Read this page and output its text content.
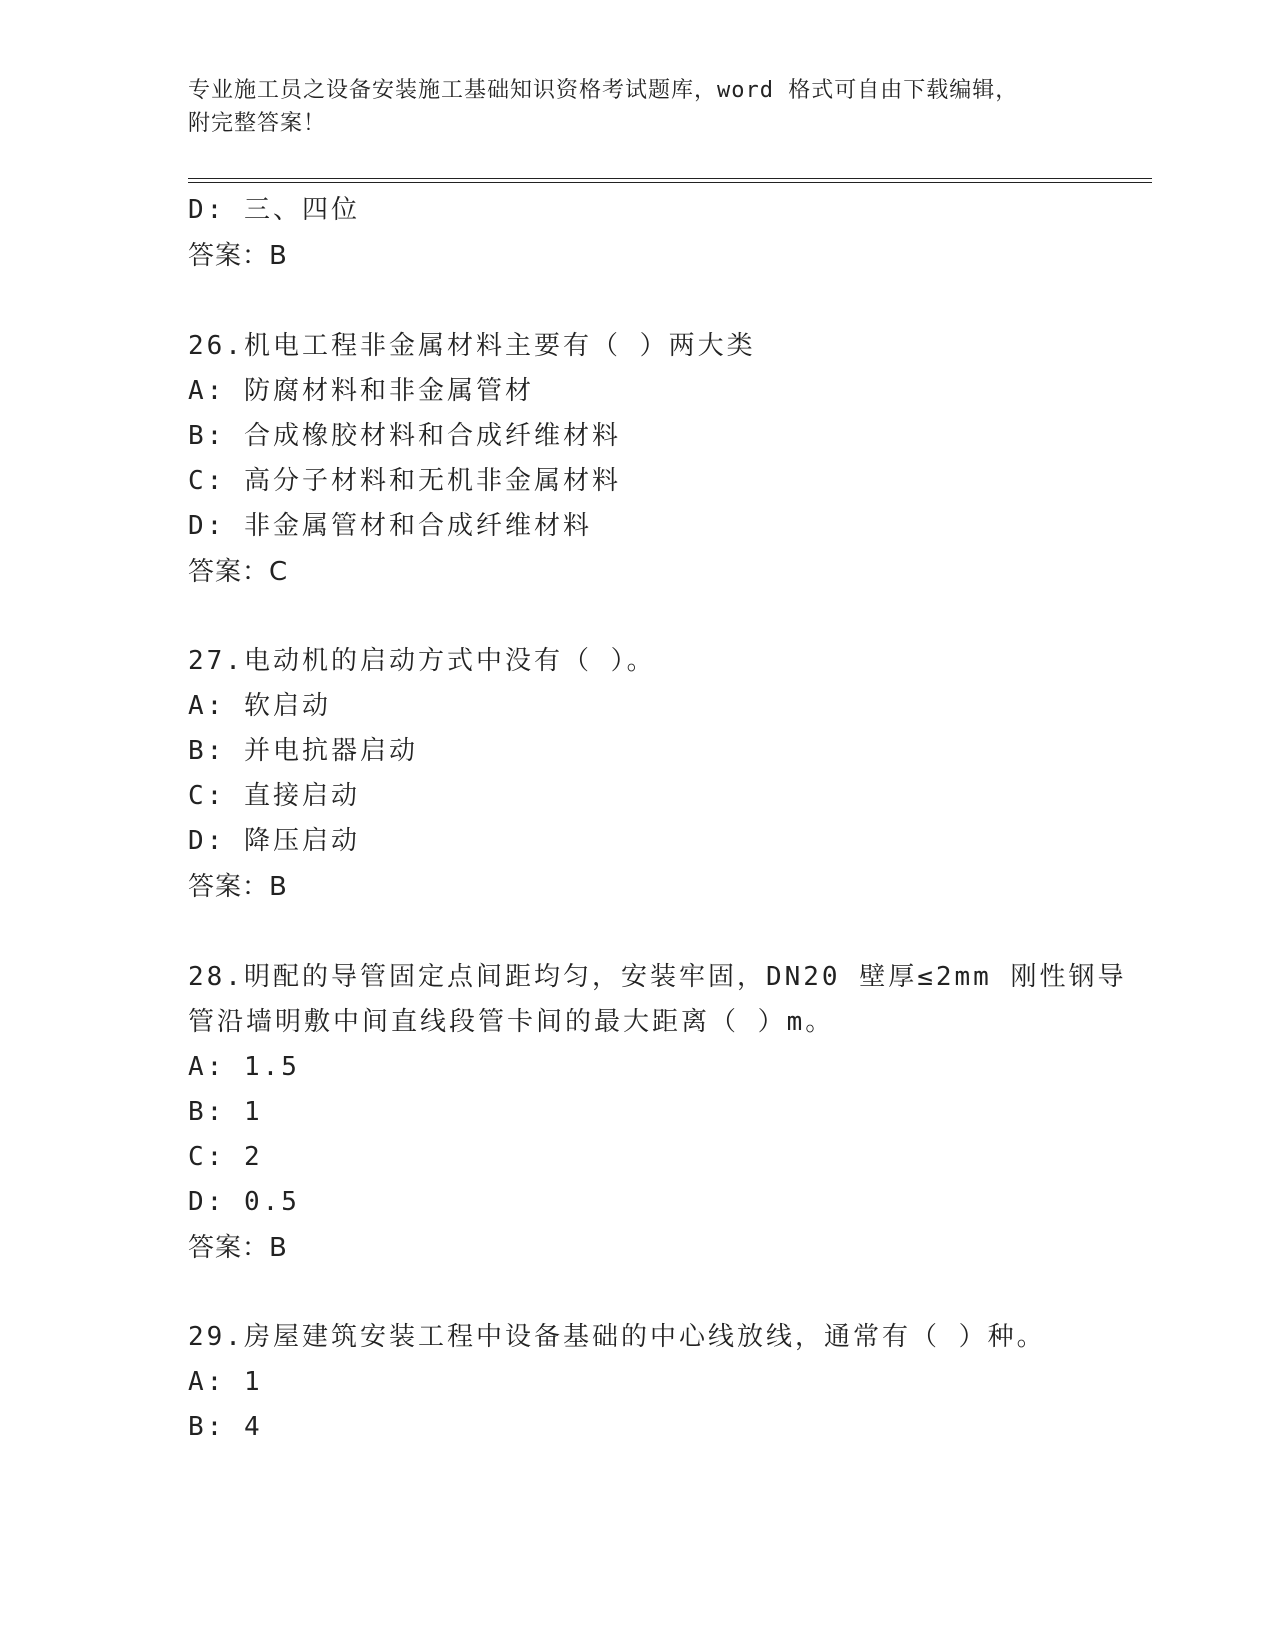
专业施工员之设备安装施工基础知识资格考试题库，word 格式可自由下载编辑，
附完整答案！
D: 三、四位
答案：B
26.机电工程非金属材料主要有（ ）两大类
A: 防腐材料和非金属管材
B: 合成橡胶材料和合成纤维材料
C: 高分子材料和无机非金属材料
D: 非金属管材和合成纤维材料
答案：C
27.电动机的启动方式中没有（ ）。
A: 软启动
B: 并电抗器启动
C: 直接启动
D: 降压启动
答案：B
28.明配的导管固定点间距均匀，安装牢固，DN20 壁厚≤2mm 刚性钢导
管沿墙明敷中间直线段管卡间的最大距离（ ）m。
A: 1.5
B: 1
C: 2
D: 0.5
答案：B
29.房屋建筑安装工程中设备基础的中心线放线，通常有（ ）种。
A: 1
B: 4
